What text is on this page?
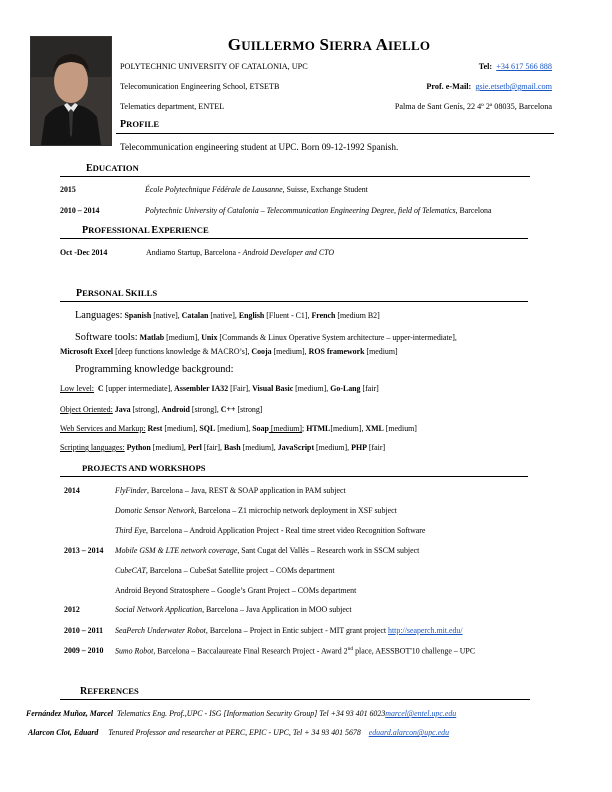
GUILLERMO SIERRA AIELLO
POLYTECHNIC UNIVERSITY OF CATALONIA, UPC
Telecomunication Engineering School, ETSETB
Telematics department, ENTEL
Tel: +34 617 566 888
Prof. e-Mail: gsie.etsetb@gmail.com
Palma de Sant Genís, 22 4º 2ª 08035, Barcelona
PROFILE
Telecommunication engineering student at UPC. Born 09-12-1992 Spanish.
EDUCATION
2015	École Polytechnique Fédérale de Lausanne, Suisse, Exchange Student
2010 – 2014	Polytechnic University of Catalonia – Telecommunication Engineering Degree, field of Telematics, Barcelona
PROFESSIONAL EXPERIENCE
Oct -Dec 2014	Andiamo Startup, Barcelona - Android Developer and CTO
PERSONAL SKILLS
Languages: Spanish [native], Catalan [native], English [Fluent - C1], French [medium B2]
Software tools: Matlab [medium], Unix [Commands & Linux Operative System architecture – upper-intermediate],
Microsoft Excel [deep functions knowledge & MACRO’s], Cooja [medium], ROS framework [medium]
Programming knowledge background:
Low level: C [upper intermediate], Assembler IA32 [Fair], Visual Basic [medium], Go-Lang [fair]
Object Oriented: Java [strong], Android [strong], C++ [strong]
Web Services and Markup: Rest [medium], SQL [medium], Soap [medium]; HTML[medium], XML [medium]
Scripting languages: Python [medium], Perl [fair], Bash [medium], JavaScript [medium], PHP [fair]
PROJECTS AND WORKSHOPS
2014	FlyFinder, Barcelona – Java, REST & SOAP application in PAM subject
Domotic Sensor Network, Barcelona – Z1 microchip network deployment in XSF subject
Third Eye, Barcelona – Android Application Project - Real time street video Recognition Software
2013 – 2014 Mobile GSM & LTE network coverage, Sant Cugat del Vallès – Research work in SSCM subject
CubeCAT, Barcelona – CubeSat Satellite project – COMs department
Android Beyond Stratosphere – Google’s Grant Project – COMs department
2012	Social Network Application, Barcelona – Java Application in MOO subject
2010 – 2011 SeaPerch Underwater Robot, Barcelona – Project in Entic subject - MIT grant project http://seaperch.mit.edu/
2009 – 2010 Sumo Robot, Barcelona – Baccalaureate Final Research Project - Award 2nd place, AESSBOT'10 challenge – UPC
REFERENCES
Fernández Muñoz, Marcel Telematics Eng. Prof.,UPC - ISG [Information Security Group] Tel +34 93 401 6023marcel@entel.upc.edu
Alarcon Clot, Eduard Tenured Professor and researcher at PERC, EPIC - UPC, Tel + 34 93 401 5678 eduard.alarcon@upc.edu
